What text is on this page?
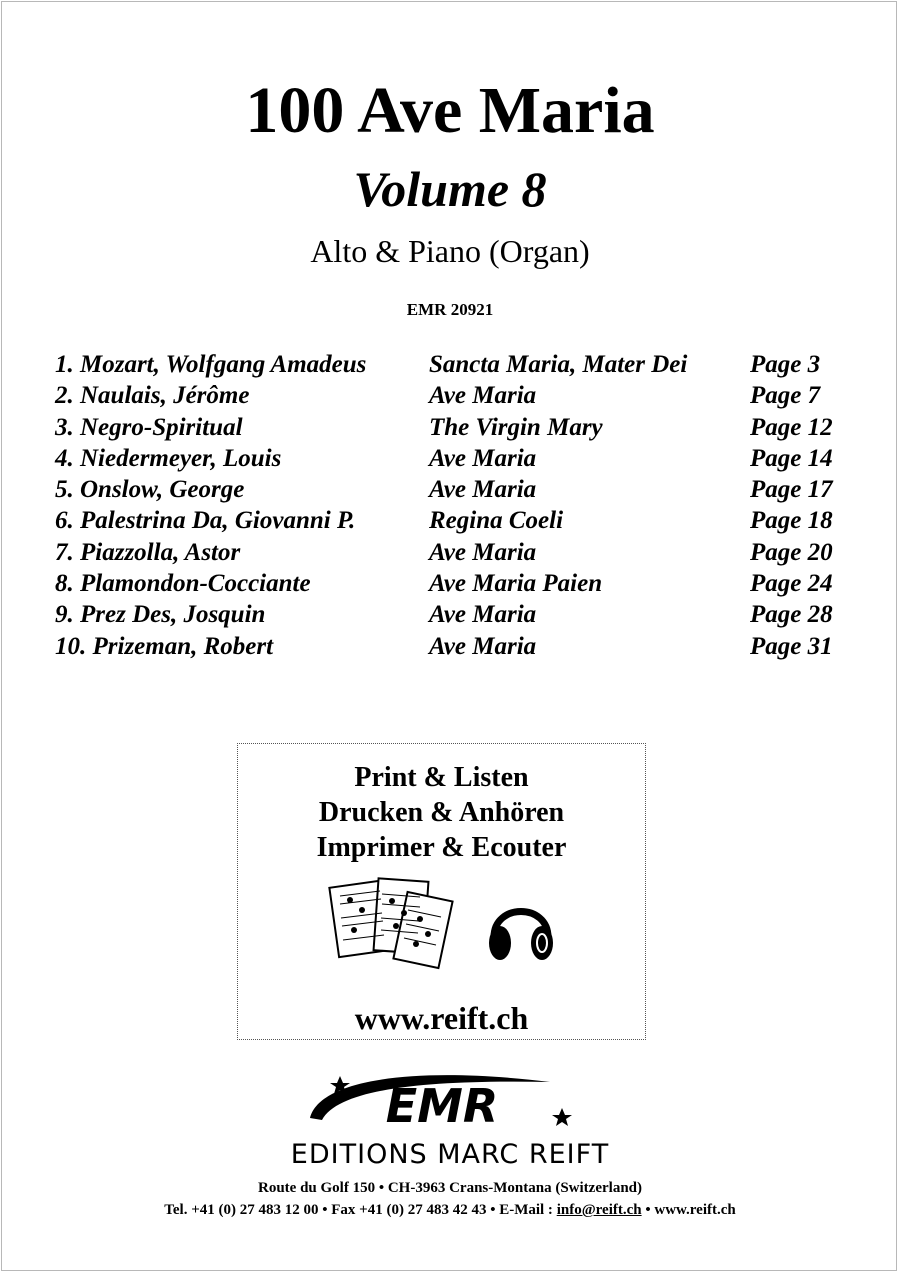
100 Ave Maria
Volume 8
Alto & Piano (Organ)
EMR 20921
1. Mozart, Wolfgang Amadeus	Sancta Maria, Mater Dei	Page 3
2. Naulais, Jérôme	Ave Maria	Page 7
3. Negro-Spiritual	The Virgin Mary	Page 12
4. Niedermeyer, Louis	Ave Maria	Page 14
5. Onslow, George	Ave Maria	Page 17
6. Palestrina Da, Giovanni P.	Regina Coeli	Page 18
7. Piazzolla, Astor	Ave Maria	Page 20
8. Plamondon-Cocciante	Ave Maria Paien	Page 24
9. Prez Des, Josquin	Ave Maria	Page 28
10. Prizeman, Robert	Ave Maria	Page 31
Print & Listen
Drucken & Anhören
Imprimer & Ecouter
www.reift.ch
EMR
EDITIONS MARC REIFT
Route du Golf 150 • CH-3963 Crans-Montana (Switzerland)
Tel. +41 (0) 27 483 12 00 • Fax +41 (0) 27 483 42 43 • E-Mail : info@reift.ch • www.reift.ch
